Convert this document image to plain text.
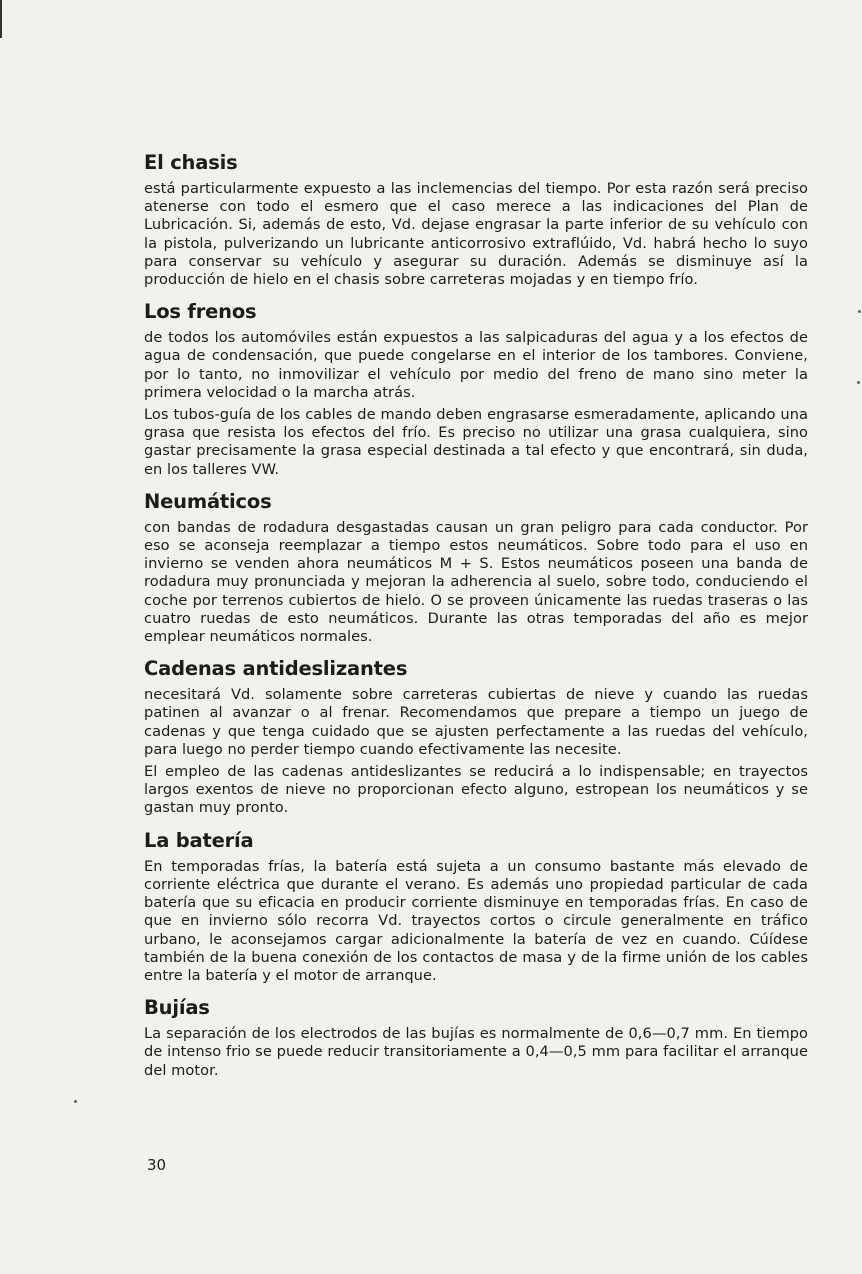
El chasis

está particularmente expuesto a las inclemencias del tiempo. Por esta razón será preciso atenerse con todo el esmero que el caso merece a las indicaciones del Plan de Lubricación. Si, además de esto, Vd. dejase engrasar la parte inferior de su vehículo con la pistola, pulverizando un lubricante anticorrosivo extraflúido, Vd. habrá hecho lo suyo para conservar su vehículo y asegurar su duración. Además se disminuye así la producción de hielo en el chasis sobre carreteras mojadas y en tiempo frío.

Los frenos

de todos los automóviles están expuestos a las salpicaduras del agua y a los efectos de agua de condensación, que puede congelarse en el interior de los tambores. Conviene, por lo tanto, no inmovilizar el vehículo por medio del freno de mano sino meter la primera velocidad o la marcha atrás.

Los tubos-guía de los cables de mando deben engrasarse esmeradamente, aplicando una grasa que resista los efectos del frío. Es preciso no utilizar una grasa cualquiera, sino gastar precisamente la grasa especial destinada a tal efecto y que encontrará, sin duda, en los talleres VW.

Neumáticos

con bandas de rodadura desgastadas causan un gran peligro para cada conductor. Por eso se aconseja reemplazar a tiempo estos neumáticos. Sobre todo para el uso en invierno se venden ahora neumáticos M + S. Estos neumáticos poseen una banda de rodadura muy pronunciada y mejoran la adherencia al suelo, sobre todo, conduciendo el coche por terrenos cubiertos de hielo. O se proveen únicamente las ruedas traseras o las cuatro ruedas de esto neumáticos. Durante las otras temporadas del año es mejor emplear neumáticos normales.

Cadenas antideslizantes

necesitará Vd. solamente sobre carreteras cubiertas de nieve y cuando las ruedas patinen al avanzar o al frenar. Recomendamos que prepare a tiempo un juego de cadenas y que tenga cuidado que se ajusten perfectamente a las ruedas del vehículo, para luego no perder tiempo cuando efectivamente las necesite.

El empleo de las cadenas antideslizantes se reducirá a lo indispensable; en trayectos largos exentos de nieve no proporcionan efecto alguno, estropean los neumáticos y se gastan muy pronto.

La batería

En temporadas frías, la batería está sujeta a un consumo bastante más elevado de corriente eléctrica que durante el verano. Es además uno propiedad particular de cada batería que su eficacia en producir corriente disminuye en temporadas frías. En caso de que en invierno sólo recorra Vd. trayectos cortos o circule generalmente en tráfico urbano, le aconsejamos cargar adicionalmente la batería de vez en cuando. Cúídese también de la buena conexión de los contactos de masa y de la firme unión de los cables entre la batería y el motor de arranque.

Bujías

La separación de los electrodos de las bujías es normalmente de 0,6—0,7 mm. En tiempo de intenso frio se puede reducir transitoriamente a 0,4—0,5 mm para facilitar el arranque del motor.

30
